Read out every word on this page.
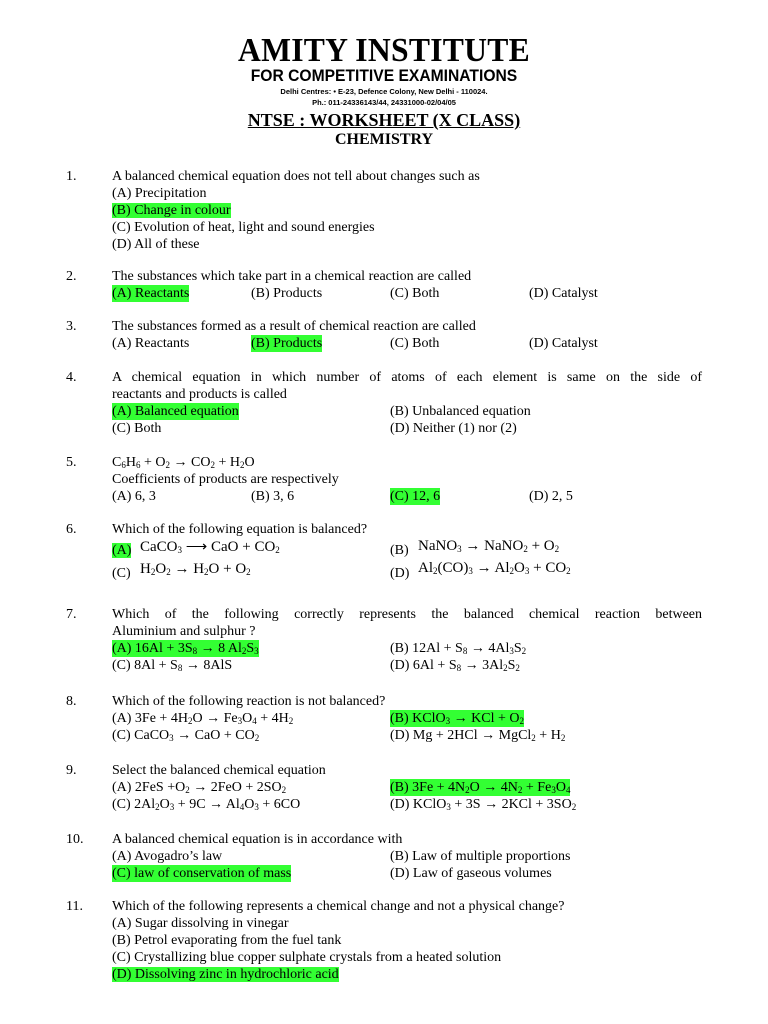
AMITY INSTITUTE
FOR COMPETITIVE EXAMINATIONS
Delhi Centres: • E-23, Defence Colony, New Delhi - 110024.
Ph.: 011-24336143/44, 24331000-02/04/05
NTSE : WORKSHEET (X CLASS)
CHEMISTRY
1.	A balanced chemical equation does not tell about changes such as
(A) Precipitation
(B) Change in colour
(C) Evolution of heat, light and sound energies
(D) All of these
2.	The substances which take part in a chemical reaction are called
(A) Reactants	(B) Products	(C) Both	(D) Catalyst
3.	The substances formed as a result of chemical reaction are called
(A) Reactants	(B) Products	(C) Both	(D) Catalyst
4.	A chemical equation in which number of atoms of each element is same on the side of
reactants and products is called
(A) Balanced equation	(B) Unbalanced equation
(C) Both	(D) Neither (1) nor (2)
5.	$C_6H_6 + O_2 \to CO_2 + H_2O$
Coefficients of products are respectively
(A) 6, 3	(B) 3, 6	(C) 12, 6	(D) 2, 5
6.	Which of the following equation is balanced?
(A) CaCO$_3$ ⟶ CaO + $CO_2$	(B) NaNO$_3$ → NaNO$_2$ + $O_2$
(C) $H_2O_2 \to H_2O + O_2$	(D) $Al_2(CO)_3 \to Al_2O_3 + CO_2$
7.	Which of the following correctly represents the balanced chemical reaction between
Aluminium and sulphur ?
(A) $16Al + 3S_8 \to 8$ $Al_2S_3$	(B) $12Al + S_8 \to 4Al_3S_2$
(C) $8Al + S_8 \to 8AlS$	(D) $6Al + S_8 \to 3Al_2S_2$
8.	Which of the following reaction is not balanced?
(A) $3Fe + 4H_2O \to Fe_3O_4 + 4H_2$	(B) KClO$_3$ → KCl + $O_2$
(C) CaCO$_3$ → CaO + $CO_2$	(D) Mg + 2HCl → MgCl$_2$ + $H_2$
9.	Select the balanced chemical equation
(A) $2FeS +O_2 \to 2FeO + 2SO_2$	(B) $3Fe + 4N_2O \to 4N_2 + Fe_3O_4$
(C) $2Al_2O_3 + 9C \to Al_4O_3 + 6CO$	(D) KClO$_3$ + $3S \to 2KCl + 3SO_2$
10. A balanced chemical equation is in accordance with
(A) Avogadro’s law	(B) Law of multiple proportions
(C) law of conservation of mass	(D) Law of gaseous volumes
11. Which of the following represents a chemical change and not a physical change?
(A) Sugar dissolving in vinegar
(B) Petrol evaporating from the fuel tank
(C) Crystallizing blue copper sulphate crystals from a heated solution
(D) Dissolving zinc in hydrochloric acid
